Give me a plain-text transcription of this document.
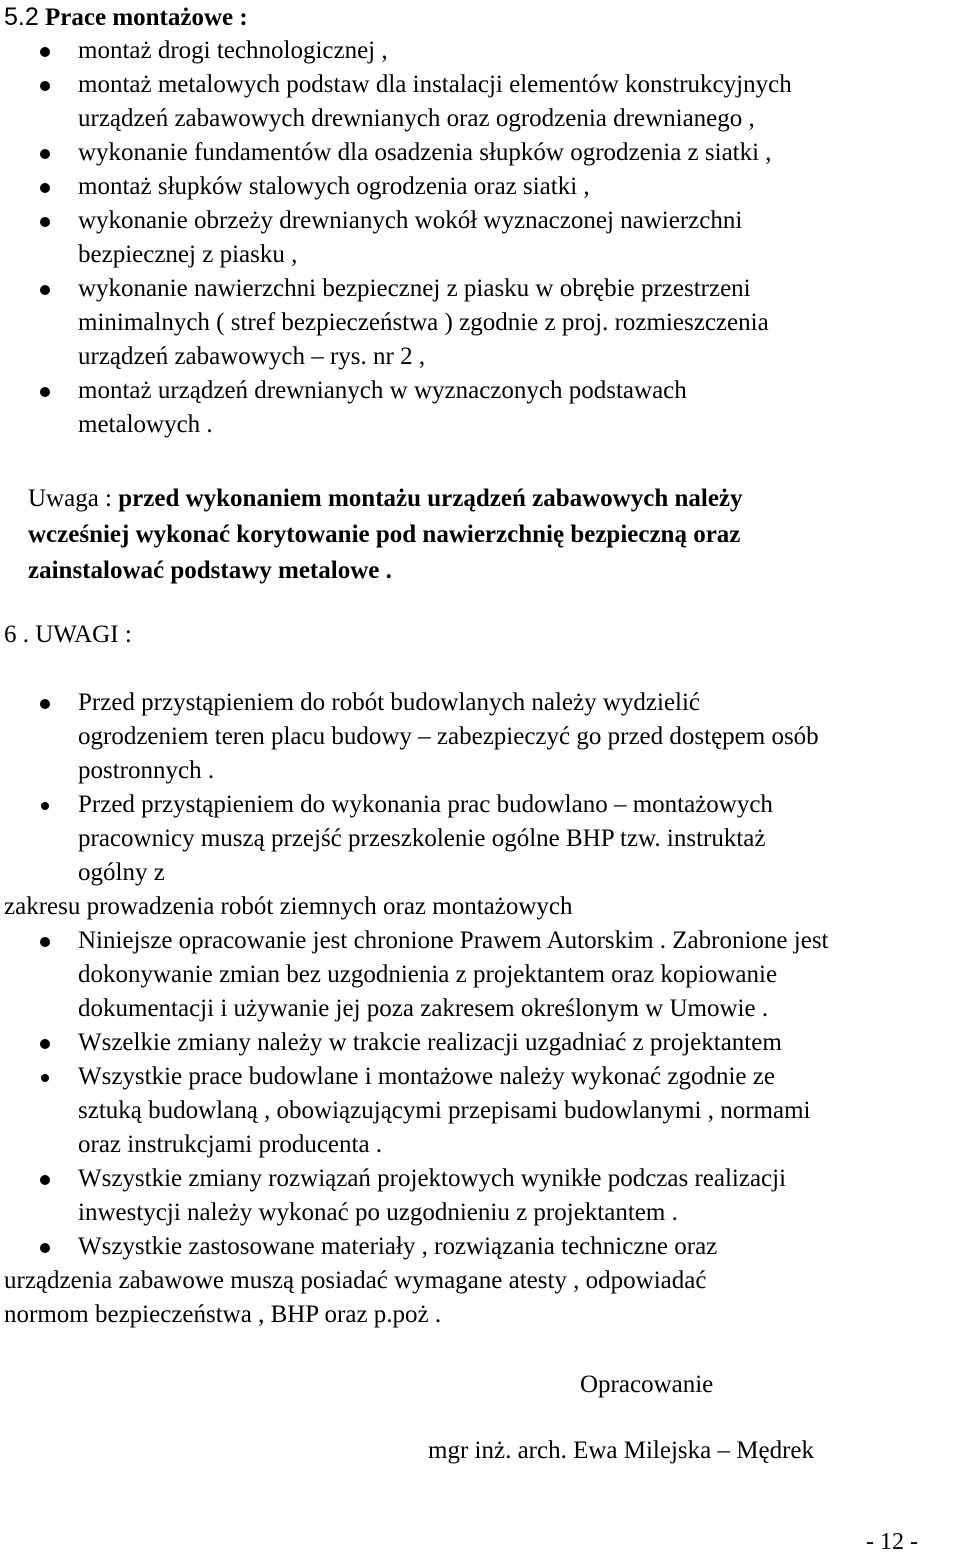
5.2 Prace montażowe :
montaż drogi technologicznej ,
montaż metalowych podstaw dla instalacji elementów konstrukcyjnych
urządzeń zabawowych drewnianych oraz ogrodzenia drewnianego ,
wykonanie fundamentów dla osadzenia słupków ogrodzenia z siatki ,
montaż słupków stalowych ogrodzenia oraz siatki ,
wykonanie obrzeży drewnianych wokół wyznaczonej nawierzchni
bezpiecznej z piasku ,
wykonanie nawierzchni bezpiecznej z piasku w obrębie przestrzeni
minimalnych ( stref bezpieczeństwa ) zgodnie z proj. rozmieszczenia
urządzeń zabawowych – rys. nr 2 ,
montaż urządzeń drewnianych w wyznaczonych podstawach
metalowych .

Uwaga : przed wykonaniem montażu urządzeń zabawowych należy
wcześniej wykonać korytowanie pod nawierzchnię bezpieczną oraz
zainstalować podstawy metalowe .

6 . UWAGI :
Przed przystąpieniem do robót budowlanych należy wydzielić
ogrodzeniem teren placu budowy – zabezpieczyć go przed dostępem osób
postronnych .
Przed przystąpieniem do wykonania prac budowlano – montażowych
pracownicy muszą przejść przeszkolenie ogólne BHP tzw. instruktaż
ogólny z
zakresu prowadzenia robót ziemnych oraz montażowych
Niniejsze opracowanie jest chronione Prawem Autorskim . Zabronione jest
dokonywanie zmian bez uzgodnienia z projektantem oraz kopiowanie
dokumentacji i używanie jej poza zakresem określonym w Umowie .
Wszelkie zmiany należy w trakcie realizacji uzgadniać z projektantem
Wszystkie prace budowlane i montażowe należy wykonać zgodnie ze
sztuką budowlaną , obowiązującymi przepisami budowlanymi , normami
oraz instrukcjami producenta .
Wszystkie zmiany rozwiązań projektowych wynikłe podczas realizacji
inwestycji należy wykonać po uzgodnieniu z projektantem .
Wszystkie zastosowane materiały , rozwiązania techniczne oraz
urządzenia zabawowe muszą posiadać wymagane atesty , odpowiadać
normom bezpieczeństwa , BHP oraz p.poż .

Opracowanie

mgr inż. arch. Ewa Milejska – Mędrek

- 12 -
